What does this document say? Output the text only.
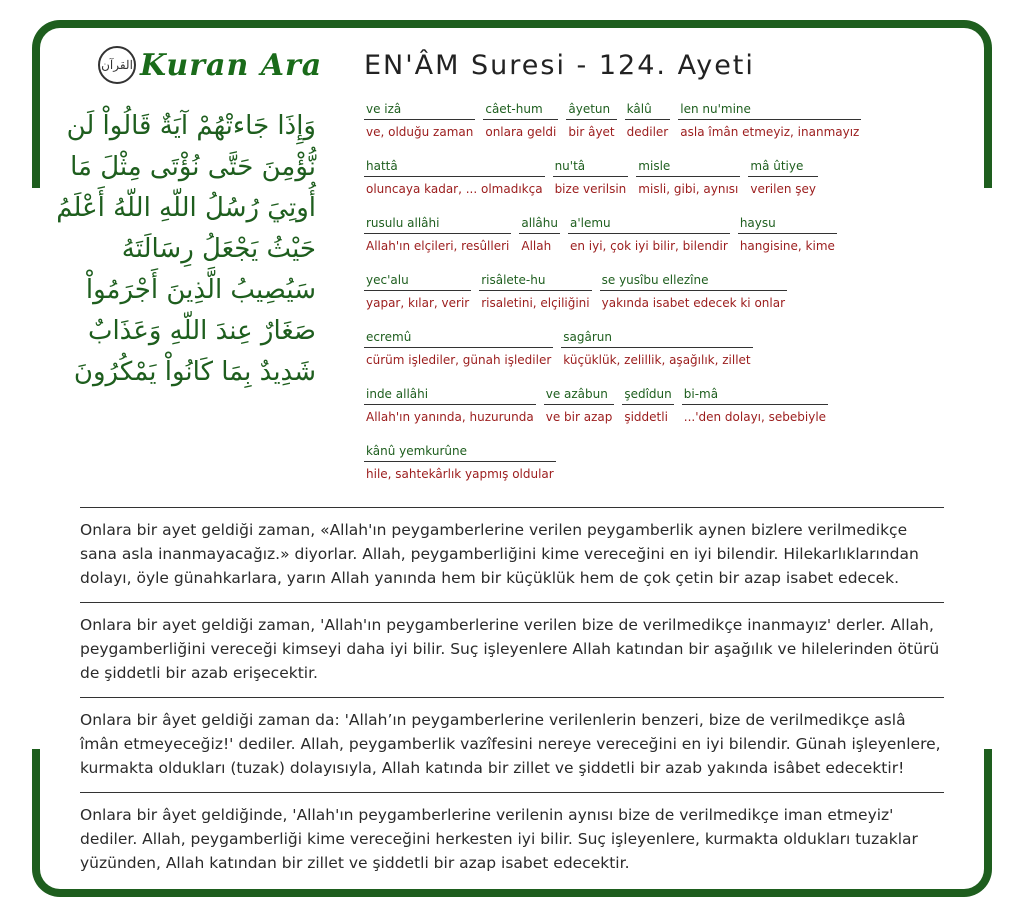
القرآن Kuran Ara
وَإِذَا جَاءتْهُمْ آيَةٌ قَالُواْ لَن نُّؤْمِنَ حَتَّى نُؤْتَى مِثْلَ مَا أُوتِيَ رُسُلُ اللّهِ اللّهُ أَعْلَمُ حَيْثُ يَجْعَلُ رِسَالَتَهُ سَيُصِيبُ الَّذِينَ أَجْرَمُواْ صَغَارٌ عِندَ اللّهِ وَعَذَابٌ شَدِيدٌ بِمَا كَانُواْ يَمْكُرُونَ
EN'ÂM Suresi - 124. Ayeti
ve izâ
ve, olduğu zaman
câet-hum
onlara geldi
âyetun
bir âyet
kâlû
dediler
len nu'mine
asla îmân etmeyiz, inanmayız
hattâ
oluncaya kadar, ... olmadıkça
nu'tâ
bize verilsin
misle
misli, gibi, aynısı
mâ ûtiye
verilen şey
rusulu allâhi
Allah'ın elçileri, resûlleri
allâhu
Allah
a'lemu
en iyi, çok iyi bilir, bilendir
haysu
hangisine, kime
yec'alu
yapar, kılar, verir
risâlete-hu
risaletini, elçiliğini
se yusîbu ellezîne
yakında isabet edecek ki onlar
ecremû
cürüm işlediler, günah işlediler
sagârun
küçüklük, zelillik, aşağılık, zillet
inde allâhi
Allah'ın yanında, huzurunda
ve azâbun
ve bir azap
şedîdun
şiddetli
bi-mâ
...'den dolayı, sebebiyle
kânû yemkurûne
hile, sahtekârlık yapmış oldular
Onlara bir ayet geldiği zaman, «Allah'ın peygamberlerine verilen peygamberlik aynen bizlere verilmedikçe sana asla inanmayacağız.» diyorlar. Allah, peygamberliğini kime vereceğini en iyi bilendir. Hilekarlıklarından dolayı, öyle günahkarlara, yarın Allah yanında hem bir küçüklük hem de çok çetin bir azap isabet edecek.
Onlara bir ayet geldiği zaman, 'Allah'ın peygamberlerine verilen bize de verilmedikçe inanmayız' derler. Allah, peygamberliğini vereceği kimseyi daha iyi bilir. Suç işleyenlere Allah katından bir aşağılık ve hilelerinden ötürü de şiddetli bir azab erişecektir.
Onlara bir âyet geldiği zaman da: 'Allah’ın peygamberlerine verilenlerin benzeri, bize de verilmedikçe aslâ îmân etmeyeceğiz!' dediler. Allah, peygamberlik vazîfesini nereye vereceğini en iyi bilendir. Günah işleyenlere, kurmakta oldukları (tuzak) dolayısıyla, Allah katında bir zillet ve şiddetli bir azab yakında isâbet edecektir!
Onlara bir âyet geldiğinde, 'Allah'ın peygamberlerine verilenin aynısı bize de verilmedikçe iman etmeyiz' dediler. Allah, peygamberliği kime vereceğini herkesten iyi bilir. Suç işleyenlere, kurmakta oldukları tuzaklar yüzünden, Allah katından bir zillet ve şiddetli bir azap isabet edecektir.
